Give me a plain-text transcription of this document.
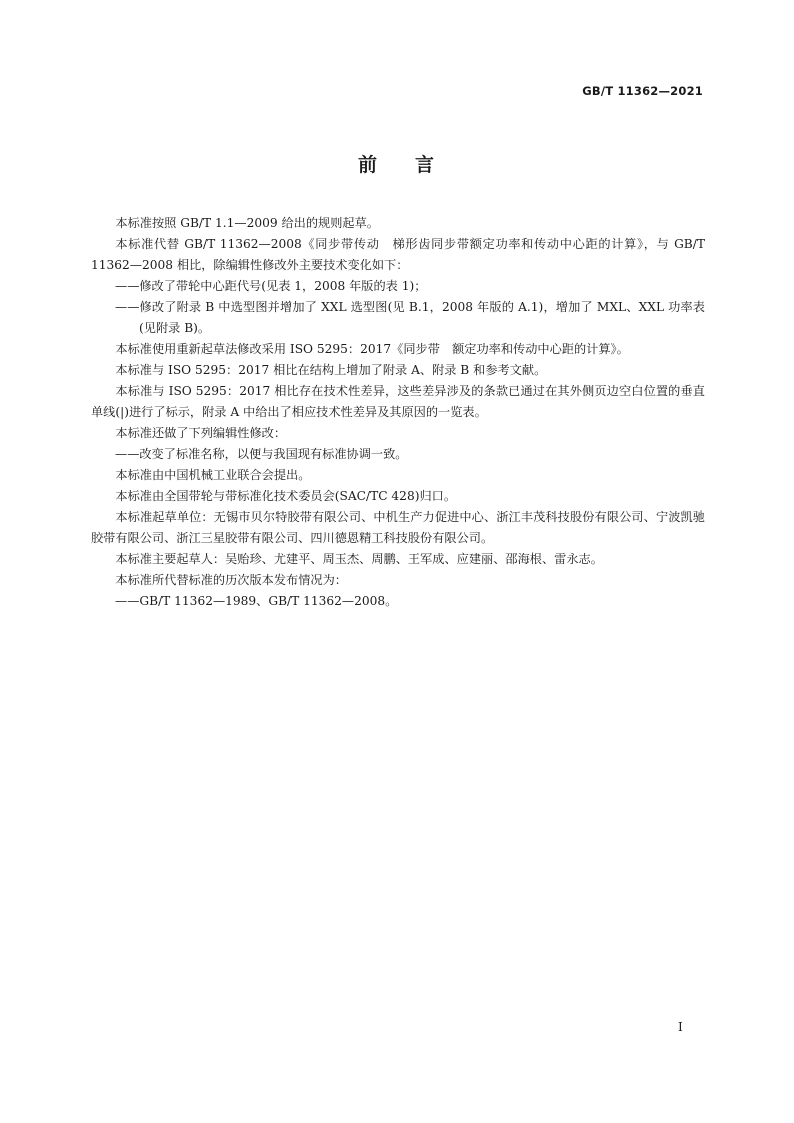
GB/T 11362—2021
前 言

本标准按照 GB/T 1.1—2009 给出的规则起草。

本标准代替 GB/T 11362—2008《同步带传动　梯形齿同步带额定功率和传动中心距的计算》，与 GB/T 11362—2008 相比，除编辑性修改外主要技术变化如下：

——修改了带轮中心距代号(见表 1，2008 年版的表 1)；

——修改了附录 B 中选型图并增加了 XXL 选型图(见 B.1，2008 年版的 A.1)，增加了 MXL、XXL 功率表(见附录 B)。

本标准使用重新起草法修改采用 ISO 5295：2017《同步带　额定功率和传动中心距的计算》。

本标准与 ISO 5295：2017 相比在结构上增加了附录 A、附录 B 和参考文献。

本标准与 ISO 5295：2017 相比存在技术性差异，这些差异涉及的条款已通过在其外侧页边空白位置的垂直单线(|)进行了标示，附录 A 中给出了相应技术性差异及其原因的一览表。

本标准还做了下列编辑性修改：

——改变了标准名称，以便与我国现有标准协调一致。

本标准由中国机械工业联合会提出。

本标准由全国带轮与带标准化技术委员会(SAC/TC 428)归口。

本标准起草单位：无锡市贝尔特胶带有限公司、中机生产力促进中心、浙江丰茂科技股份有限公司、宁波凯驰胶带有限公司、浙江三星胶带有限公司、四川德恩精工科技股份有限公司。

本标准主要起草人：吴贻珍、尤建平、周玉杰、周鹏、王军成、应建丽、邵海根、雷永志。

本标准所代替标准的历次版本发布情况为：

——GB/T 11362—1989、GB/T 11362—2008。

I
